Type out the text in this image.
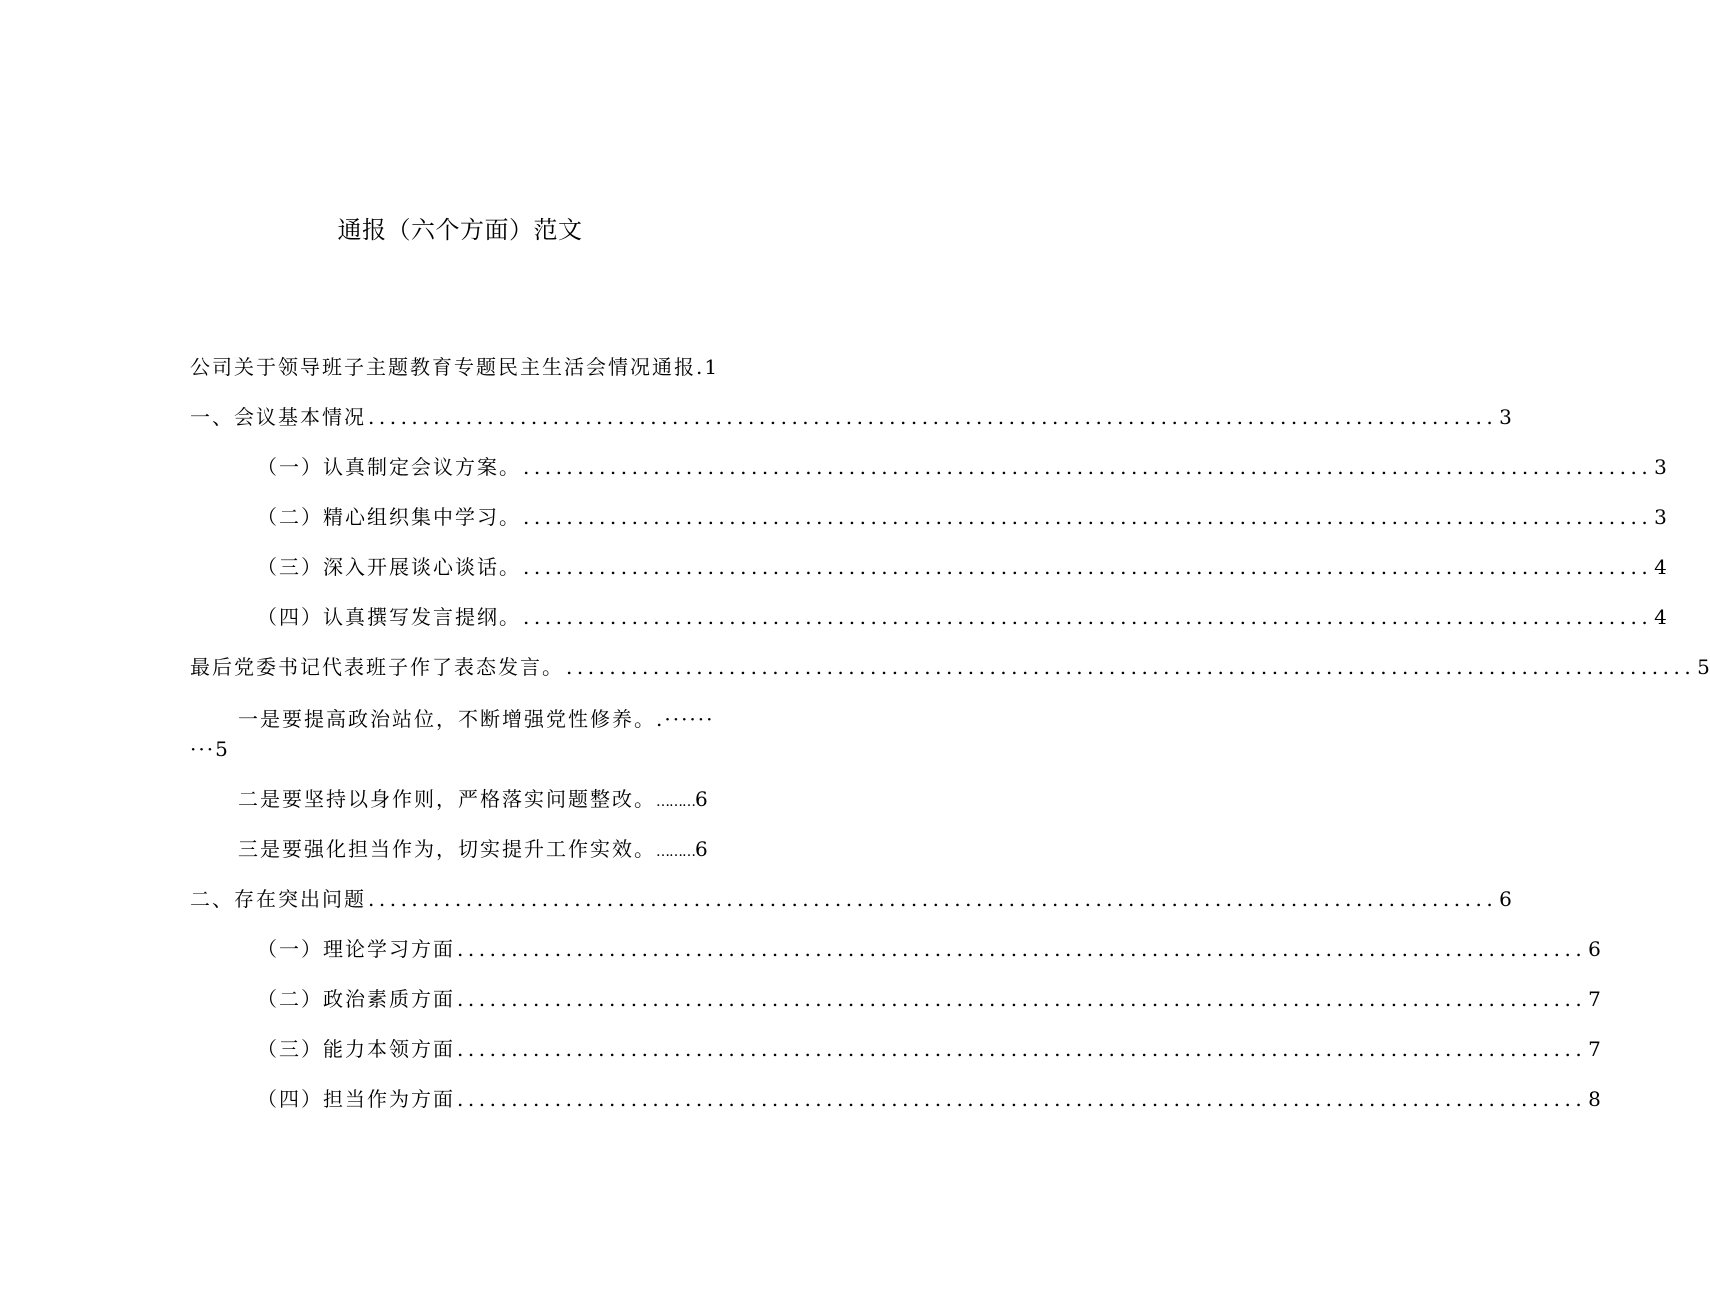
通报（六个方面）范文
公司关于领导班子主题教育专题民主生活会情况通报.1
一、会议基本情况 ........................................................................................................ 3
（一）认真制定会议方案。 ........................................................................................................ 3
（二）精心组织集中学习。 ........................................................................................................ 3
（三）深入开展谈心谈话。 ........................................................................................................ 4
（四）认真撰写发言提纲。 ........................................................................................................ 4
最后党委书记代表班子作了表态发言。 ........................................................................................................ 5
一是要提高政治站位，不断增强党性修养。.······
···5
二是要坚持以身作则，严格落实问题整改。………6
三是要强化担当作为，切实提升工作实效。………6
二、存在突出问题 ........................................................................................................ 6
（一）理论学习方面 ........................................................................................................ 6
（二）政治素质方面 ........................................................................................................ 7
（三）能力本领方面 ........................................................................................................ 7
（四）担当作为方面 ........................................................................................................ 8
